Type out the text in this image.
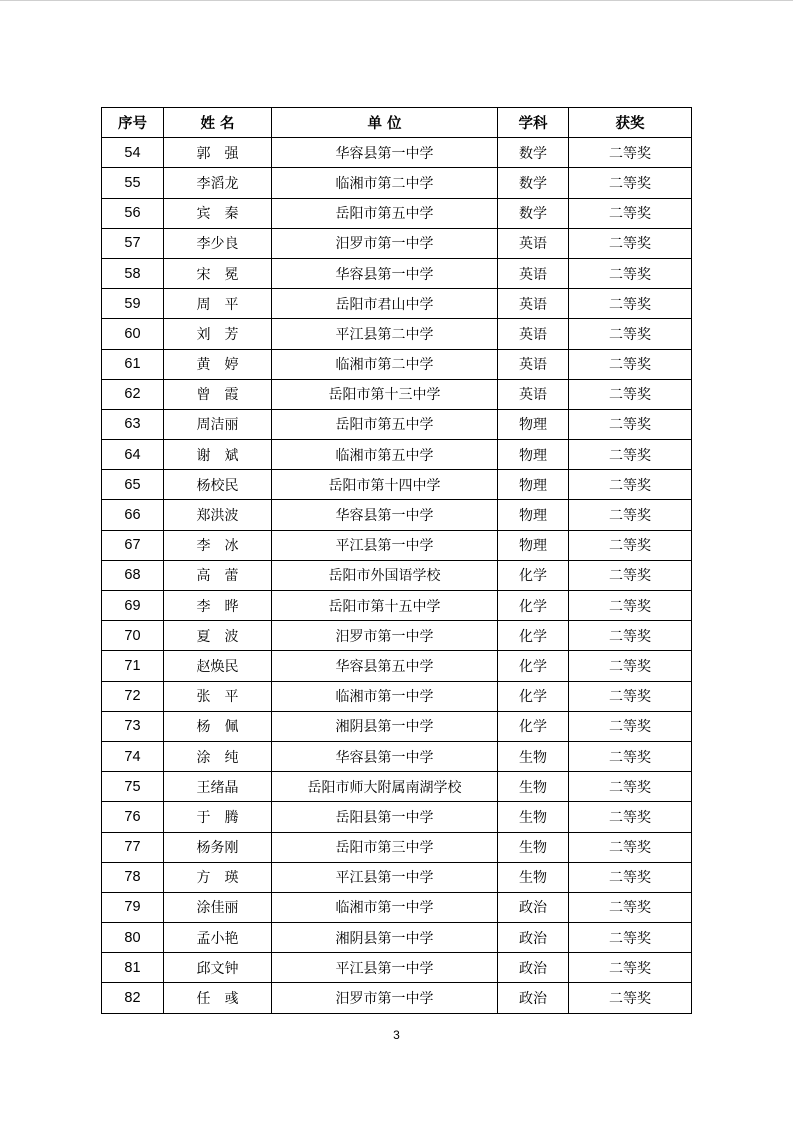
序号	姓 名	单 位	学科	获奖
54	郭　强	华容县第一中学	数学	二等奖
55	李滔龙	临湘市第二中学	数学	二等奖
56	宾　秦	岳阳市第五中学	数学	二等奖
57	李少良	汨罗市第一中学	英语	二等奖
58	宋　冕	华容县第一中学	英语	二等奖
59	周　平	岳阳市君山中学	英语	二等奖
60	刘　芳	平江县第二中学	英语	二等奖
61	黄　婷	临湘市第二中学	英语	二等奖
62	曾　霞	岳阳市第十三中学	英语	二等奖
63	周洁丽	岳阳市第五中学	物理	二等奖
64	谢　斌	临湘市第五中学	物理	二等奖
65	杨校民	岳阳市第十四中学	物理	二等奖
66	郑洪波	华容县第一中学	物理	二等奖
67	李　冰	平江县第一中学	物理	二等奖
68	高　蕾	岳阳市外国语学校	化学	二等奖
69	李　晔	岳阳市第十五中学	化学	二等奖
70	夏　波	汨罗市第一中学	化学	二等奖
71	赵焕民	华容县第五中学	化学	二等奖
72	张　平	临湘市第一中学	化学	二等奖
73	杨　佩	湘阴县第一中学	化学	二等奖
74	涂　纯	华容县第一中学	生物	二等奖
75	王绪晶	岳阳市师大附属南湖学校	生物	二等奖
76	于　腾	岳阳县第一中学	生物	二等奖
77	杨务刚	岳阳市第三中学	生物	二等奖
78	方　瑛	平江县第一中学	生物	二等奖
79	涂佳丽	临湘市第一中学	政治	二等奖
80	孟小艳	湘阴县第一中学	政治	二等奖
81	邱文钟	平江县第一中学	政治	二等奖
82	任　彧	汨罗市第一中学	政治	二等奖
3
